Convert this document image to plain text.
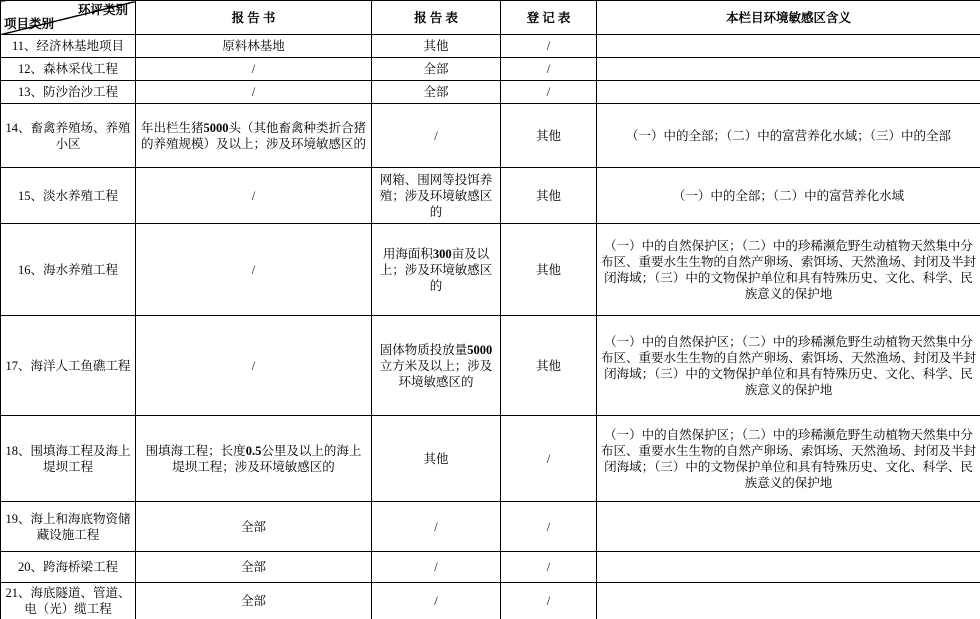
环评类别
项目类别	报 告 书	报 告 表	登 记 表	本栏目环境敏感区含义
11、经济林基地项目	原料林基地	其他	/	
12、森林采伐工程	/	全部	/	
13、防沙治沙工程	/	全部	/	
14、畜禽养殖场、养殖小区	年出栏生猪5000头（其他畜禽种类折合猪的养殖规模）及以上；涉及环境敏感区的	/	其他	（一）中的全部；（二）中的富营养化水域；（三）中的全部
15、淡水养殖工程	/	网箱、围网等投饵养殖；涉及环境敏感区的	其他	（一）中的全部；（二）中的富营养化水域
16、海水养殖工程	/	用海面积300亩及以上；涉及环境敏感区的	其他	（一）中的自然保护区；（二）中的珍稀濒危野生动植物天然集中分布区、重要水生生物的自然产卵场、索饵场、天然渔场、封闭及半封闭海域；（三）中的文物保护单位和具有特殊历史、文化、科学、民族意义的保护地
17、海洋人工鱼礁工程	/	固体物质投放量5000立方米及以上；涉及环境敏感区的	其他	（一）中的自然保护区；（二）中的珍稀濒危野生动植物天然集中分布区、重要水生生物的自然产卵场、索饵场、天然渔场、封闭及半封闭海域；（三）中的文物保护单位和具有特殊历史、文化、科学、民族意义的保护地
18、围填海工程及海上堤坝工程	围填海工程；长度0.5公里及以上的海上堤坝工程；涉及环境敏感区的	其他	/	（一）中的自然保护区；（二）中的珍稀濒危野生动植物天然集中分布区、重要水生生物的自然产卵场、索饵场、天然渔场、封闭及半封闭海域；（三）中的文物保护单位和具有特殊历史、文化、科学、民族意义的保护地
19、海上和海底物资储藏设施工程	全部	/	/	
20、跨海桥梁工程	全部	/	/	
21、海底隧道、管道、电（光）缆工程	全部	/	/	
